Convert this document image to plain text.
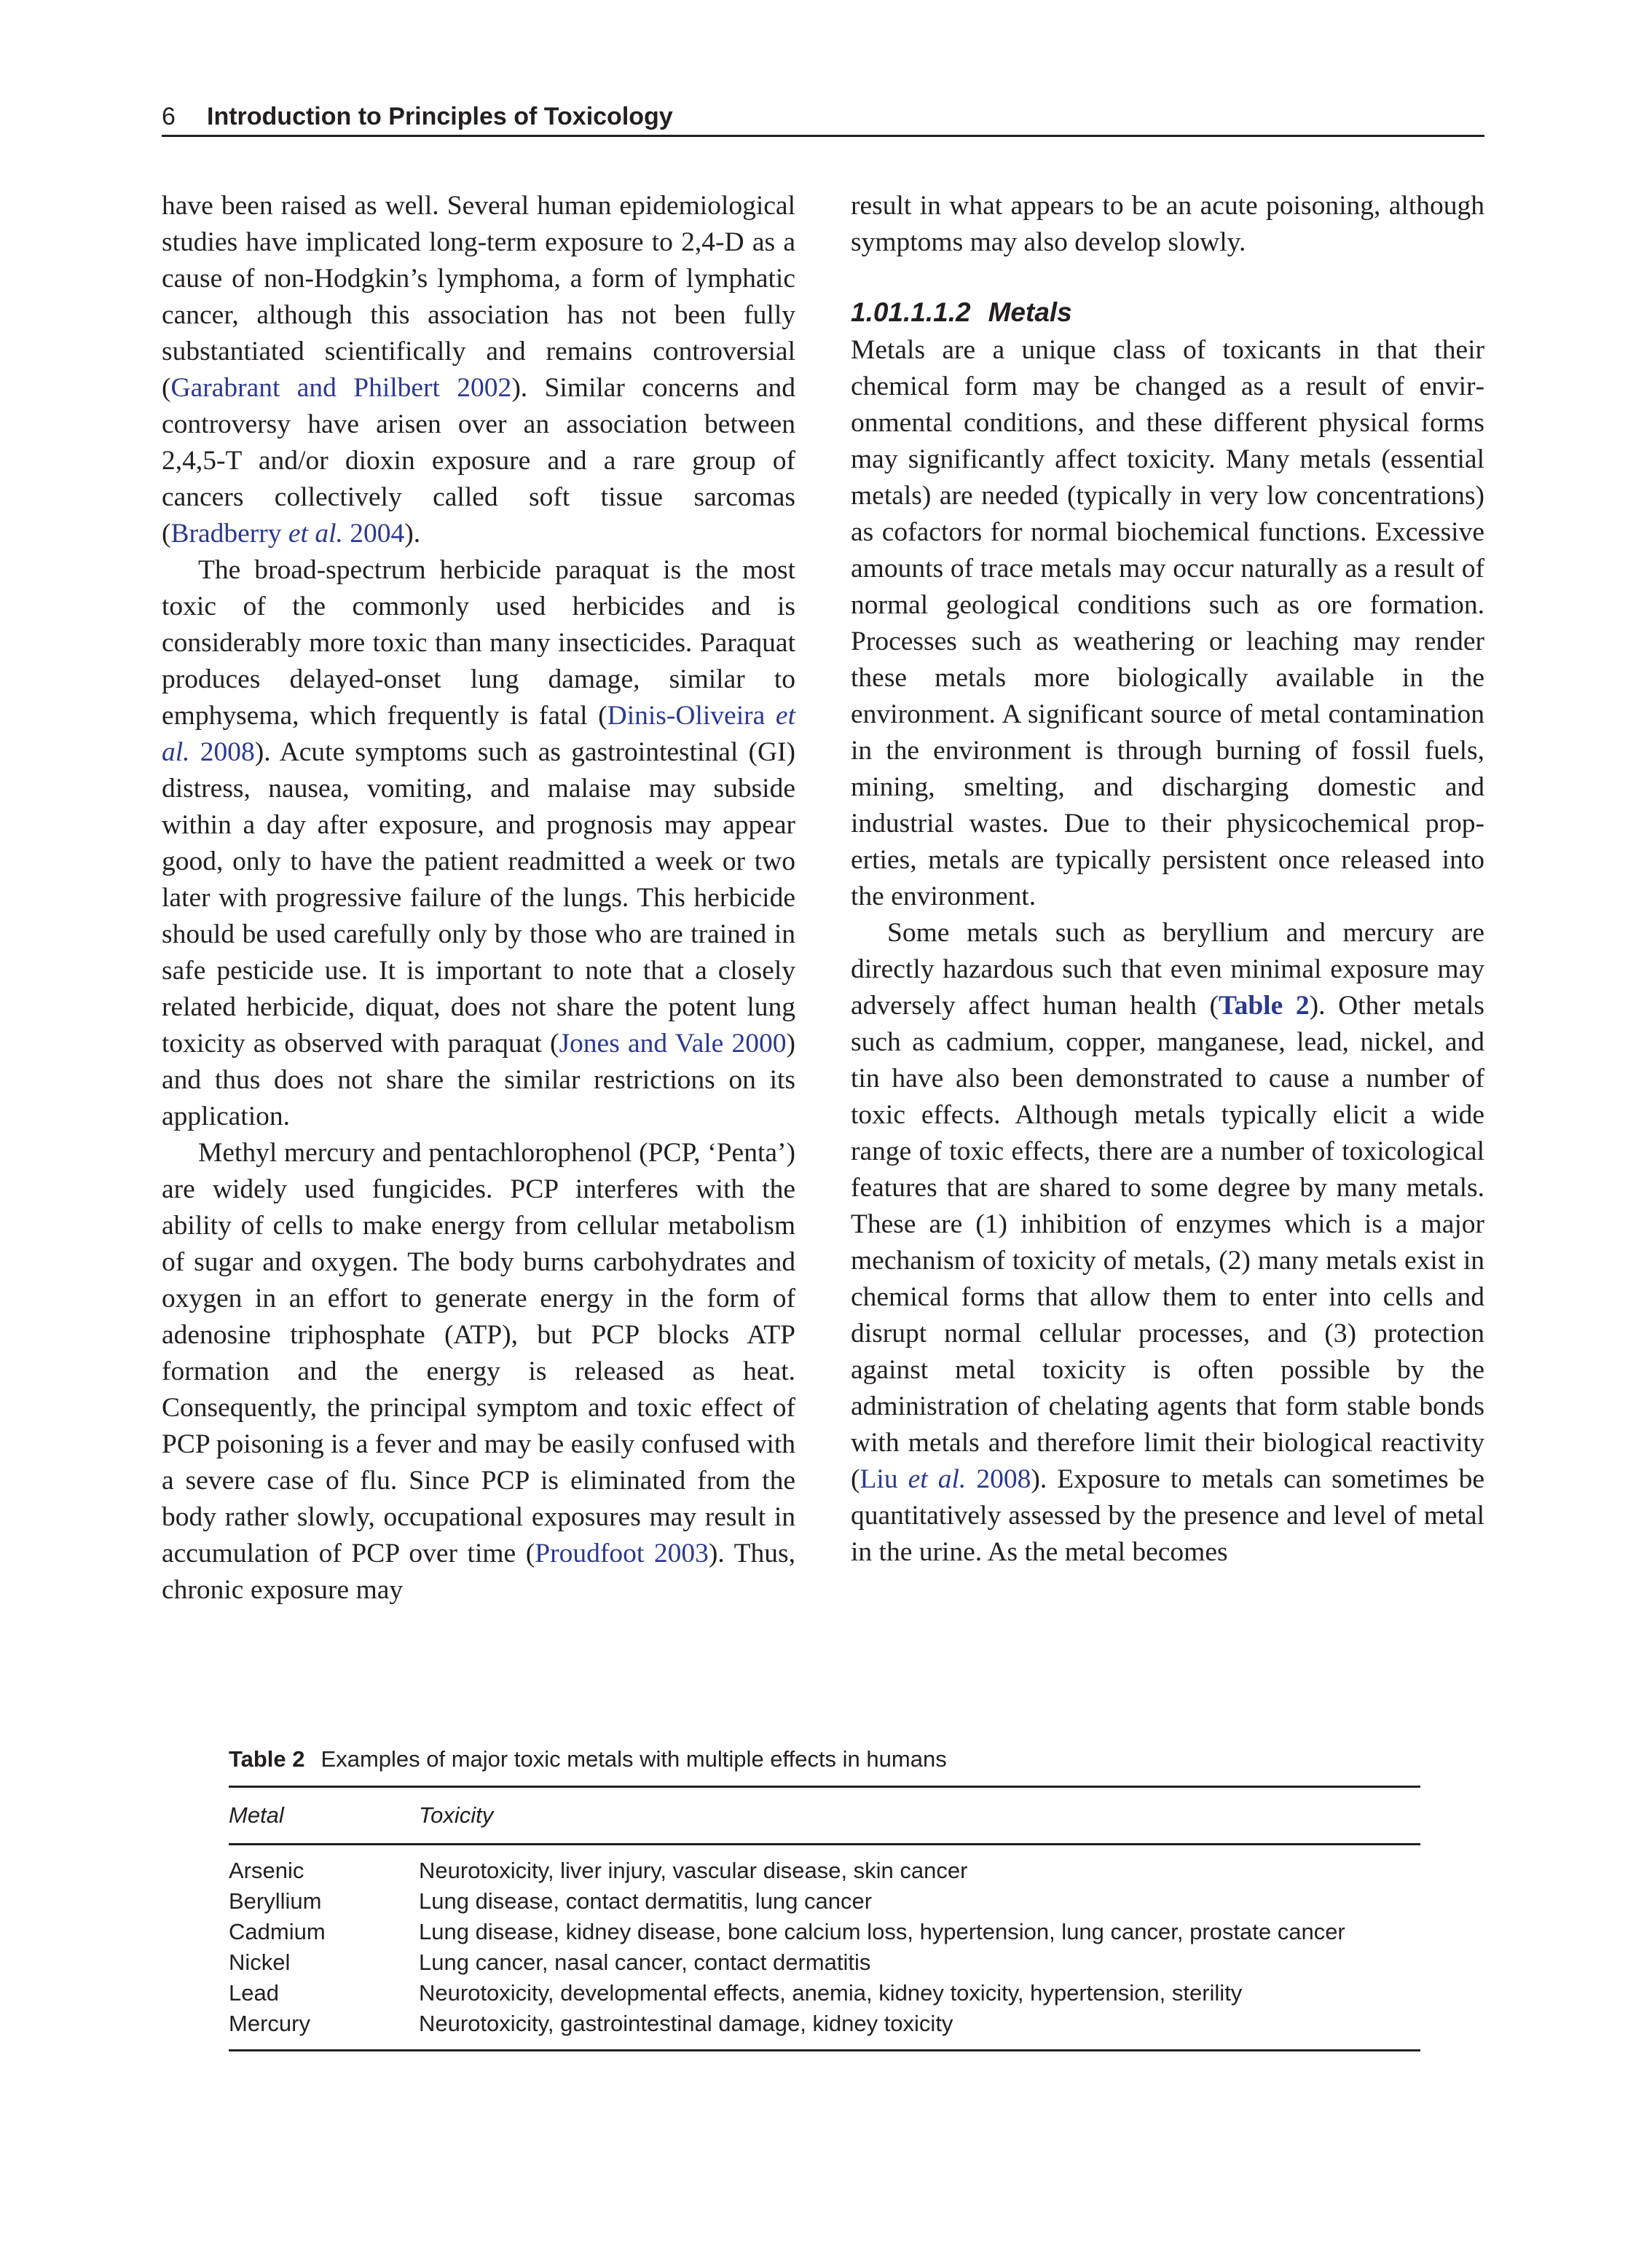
6 Introduction to Principles of Toxicology

have been raised as well. Several human epidemiological studies have implicated long-term exposure to 2,4-D as a cause of non-Hodgkin’s lymphoma, a form of lymphatic cancer, although this association has not been fully substantiated scientifically and remains controversial (Garabrant and Philbert 2002). Similar concerns and controversy have arisen over an association between 2,4,5-T and/or dioxin exposure and a rare group of cancers collectively called soft tissue sarcomas (Bradberry et al. 2004).

The broad-spectrum herbicide paraquat is the most toxic of the commonly used herbicides and is considerably more toxic than many insecticides. Paraquat produces delayed-onset lung damage, similar to emphysema, which frequently is fatal (Dinis-Oliveira et al. 2008). Acute symptoms such as gastrointestinal (GI) distress, nausea, vomiting, and malaise may subside within a day after exposure, and prognosis may appear good, only to have the patient readmitted a week or two later with progressive failure of the lungs. This herbicide should be used carefully only by those who are trained in safe pesticide use. It is important to note that a closely related herbicide, diquat, does not share the potent lung toxicity as observed with paraquat (Jones and Vale 2000) and thus does not share the similar restrictions on its application.

Methyl mercury and pentachlorophenol (PCP, ‘Penta’) are widely used fungicides. PCP interferes with the ability of cells to make energy from cellular metabolism of sugar and oxygen. The body burns carbohydrates and oxygen in an effort to generate energy in the form of adenosine triphosphate (ATP), but PCP blocks ATP formation and the energy is released as heat. Consequently, the principal symptom and toxic effect of PCP poisoning is a fever and may be easily confused with a severe case of flu. Since PCP is eliminated from the body rather slowly, occupational exposures may result in accumulation of PCP over time (Proudfoot 2003). Thus, chronic exposure may

result in what appears to be an acute poisoning, although symptoms may also develop slowly.

1.01.1.1.2 Metals

Metals are a unique class of toxicants in that their chemical form may be changed as a result of environmental conditions, and these different physical forms may significantly affect toxicity. Many metals (essential metals) are needed (typically in very low concentrations) as cofactors for normal biochemical functions. Excessive amounts of trace metals may occur naturally as a result of normal geological conditions such as ore formation. Processes such as weathering or leaching may render these metals more biologically available in the environment. A significant source of metal contamination in the environment is through burning of fossil fuels, mining, smelting, and discharging domestic and industrial wastes. Due to their physicochemical properties, metals are typically persistent once released into the environment.

Some metals such as beryllium and mercury are directly hazardous such that even minimal exposure may adversely affect human health (Table 2). Other metals such as cadmium, copper, manganese, lead, nickel, and tin have also been demonstrated to cause a number of toxic effects. Although metals typically elicit a wide range of toxic effects, there are a number of toxicological features that are shared to some degree by many metals. These are (1) inhibition of enzymes which is a major mechanism of toxicity of metals, (2) many metals exist in chemical forms that allow them to enter into cells and disrupt normal cellular processes, and (3) protection against metal toxicity is often possible by the administration of chelating agents that form stable bonds with metals and therefore limit their biological reactivity (Liu et al. 2008). Exposure to metals can sometimes be quantitatively assessed by the presence and level of metal in the urine. As the metal becomes

Table 2 Examples of major toxic metals with multiple effects in humans
Metal	Toxicity
Arsenic	Neurotoxicity, liver injury, vascular disease, skin cancer
Beryllium	Lung disease, contact dermatitis, lung cancer
Cadmium	Lung disease, kidney disease, bone calcium loss, hypertension, lung cancer, prostate cancer
Nickel	Lung cancer, nasal cancer, contact dermatitis
Lead	Neurotoxicity, developmental effects, anemia, kidney toxicity, hypertension, sterility
Mercury	Neurotoxicity, gastrointestinal damage, kidney toxicity
